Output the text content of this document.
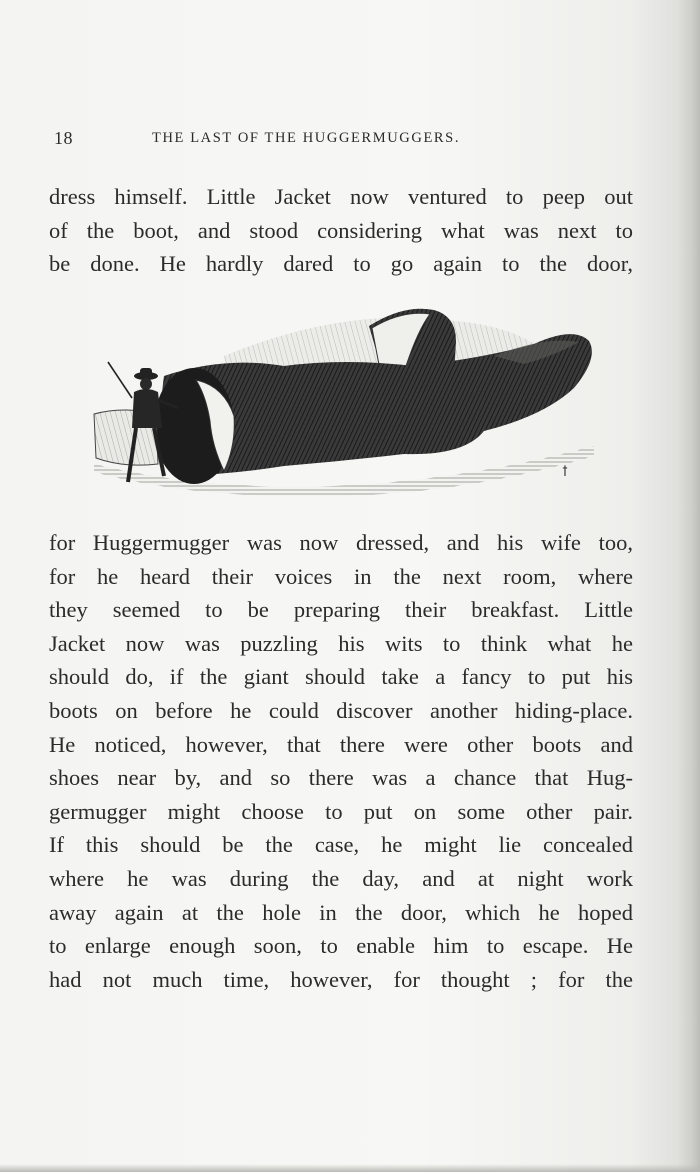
18	THE LAST OF THE HUGGERMUGGERS.
dress himself. Little Jacket now ventured to peep out
of the boot, and stood considering what was next to
be done. He hardly dared to go again to the door,
ꝉ
for Huggermugger was now dressed, and his wife too,
for he heard their voices in the next room, where
they seemed to be preparing their breakfast. Little
Jacket now was puzzling his wits to think what he
should do, if the giant should take a fancy to put his
boots on before he could discover another hiding-place.
He noticed, however, that there were other boots and
shoes near by, and so there was a chance that Hug-
germugger might choose to put on some other pair.
If this should be the case, he might lie concealed
where he was during the day, and at night work
away again at the hole in the door, which he hoped
to enlarge enough soon, to enable him to escape. He
had not much time, however, for thought ; for the
